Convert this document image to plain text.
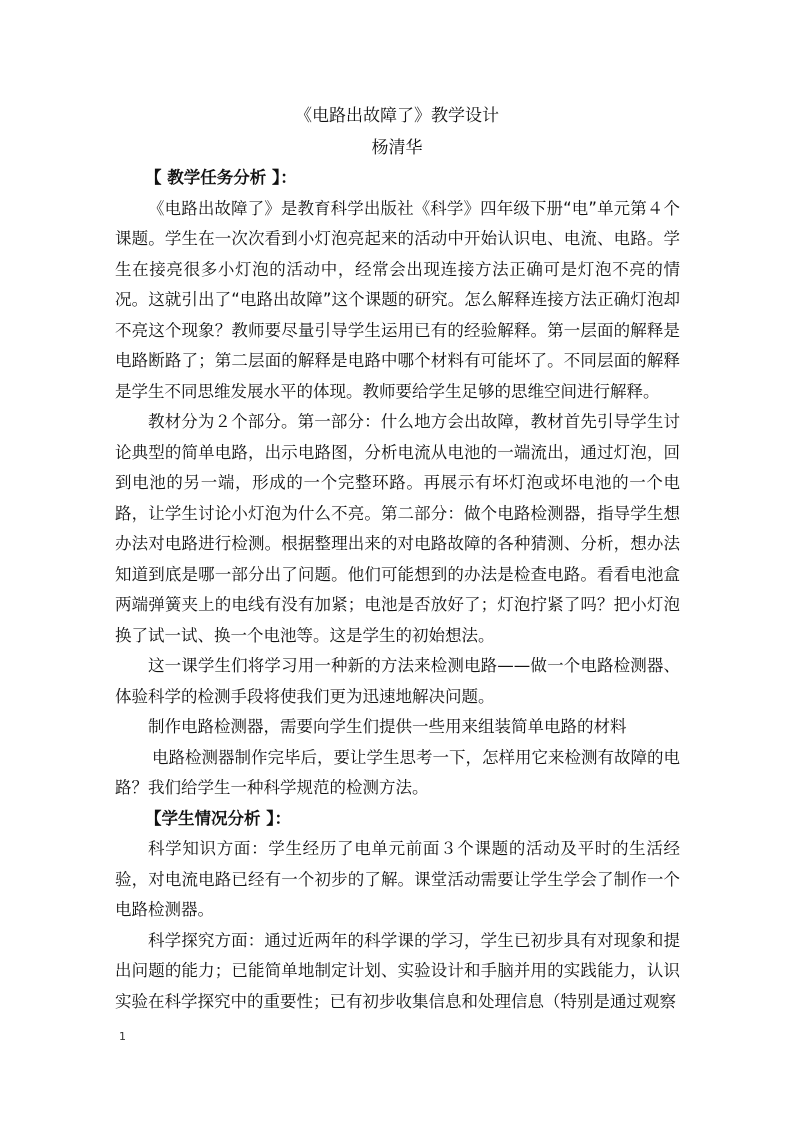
《电路出故障了》教学设计
杨清华

【 教学任务分析 】：

《电路出故障了》是教育科学出版社《科学》四年级下册“电”单元第４个课题。学生在一次次看到小灯泡亮起来的活动中开始认识电、电流、电路。学生在接亮很多小灯泡的活动中，经常会出现连接方法正确可是灯泡不亮的情况。这就引出了“电路出故障”这个课题的研究。怎么解释连接方法正确灯泡却不亮这个现象？教师要尽量引导学生运用已有的经验解释。第一层面的解释是电路断路了；第二层面的解释是电路中哪个材料有可能坏了。不同层面的解释是学生不同思维发展水平的体现。教师要给学生足够的思维空间进行解释。

教材分为２个部分。第一部分：什么地方会出故障，教材首先引导学生讨论典型的简单电路，出示电路图，分析电流从电池的一端流出，通过灯泡，回到电池的另一端，形成的一个完整环路。再展示有坏灯泡或坏电池的一个电路，让学生讨论小灯泡为什么不亮。第二部分：做个电路检测器，指导学生想办法对电路进行检测。根据整理出来的对电路故障的各种猜测、分析，想办法知道到底是哪一部分出了问题。他们可能想到的办法是检查电路。看看电池盒两端弹簧夹上的电线有没有加紧；电池是否放好了；灯泡拧紧了吗？把小灯泡换了试一试、换一个电池等。这是学生的初始想法。

这一课学生们将学习用一种新的方法来检测电路——做一个电路检测器、体验科学的检测手段将使我们更为迅速地解决问题。

制作电路检测器，需要向学生们提供一些用来组装简单电路的材料

电路检测器制作完毕后，要让学生思考一下，怎样用它来检测有故障的电路？我们给学生一种科学规范的检测方法。

【学生情况分析 】：

科学知识方面：学生经历了电单元前面３个课题的活动及平时的生活经验，对电流电路已经有一个初步的了解。课堂活动需要让学生学会了制作一个电路检测器。

科学探究方面：通过近两年的科学课的学习，学生已初步具有对现象和提出问题的能力；已能简单地制定计划、实验设计和手脑并用的实践能力，认识实验在科学探究中的重要性；已有初步收集信息和处理信息（特别是通过观察

1
